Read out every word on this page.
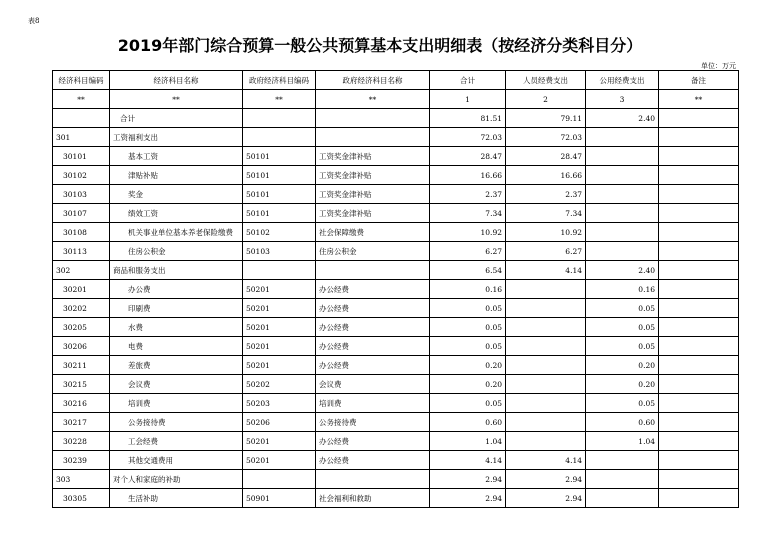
表8
2019年部门综合预算一般公共预算基本支出明细表（按经济分类科目分）
单位：万元
经济科目编码	经济科目名称	政府经济科目编码	政府经济科目名称	合计	人员经费支出	公用经费支出	备注
**	**	**	**	1	2	3	**
	合计			81.51	79.11	2.40	
301	工资福利支出			72.03	72.03		
30101	基本工资	50101	工资奖金津补贴	28.47	28.47		
30102	津贴补贴	50101	工资奖金津补贴	16.66	16.66		
30103	奖金	50101	工资奖金津补贴	2.37	2.37		
30107	绩效工资	50101	工资奖金津补贴	7.34	7.34		
30108	机关事业单位基本养老保险缴费	50102	社会保障缴费	10.92	10.92		
30113	住房公积金	50103	住房公积金	6.27	6.27		
302	商品和服务支出			6.54	4.14	2.40	
30201	办公费	50201	办公经费	0.16		0.16	
30202	印刷费	50201	办公经费	0.05		0.05	
30205	水费	50201	办公经费	0.05		0.05	
30206	电费	50201	办公经费	0.05		0.05	
30211	差旅费	50201	办公经费	0.20		0.20	
30215	会议费	50202	会议费	0.20		0.20	
30216	培训费	50203	培训费	0.05		0.05	
30217	公务接待费	50206	公务接待费	0.60		0.60	
30228	工会经费	50201	办公经费	1.04		1.04	
30239	其他交通费用	50201	办公经费	4.14	4.14		
303	对个人和家庭的补助			2.94	2.94		
30305	生活补助	50901	社会福利和救助	2.94	2.94		
